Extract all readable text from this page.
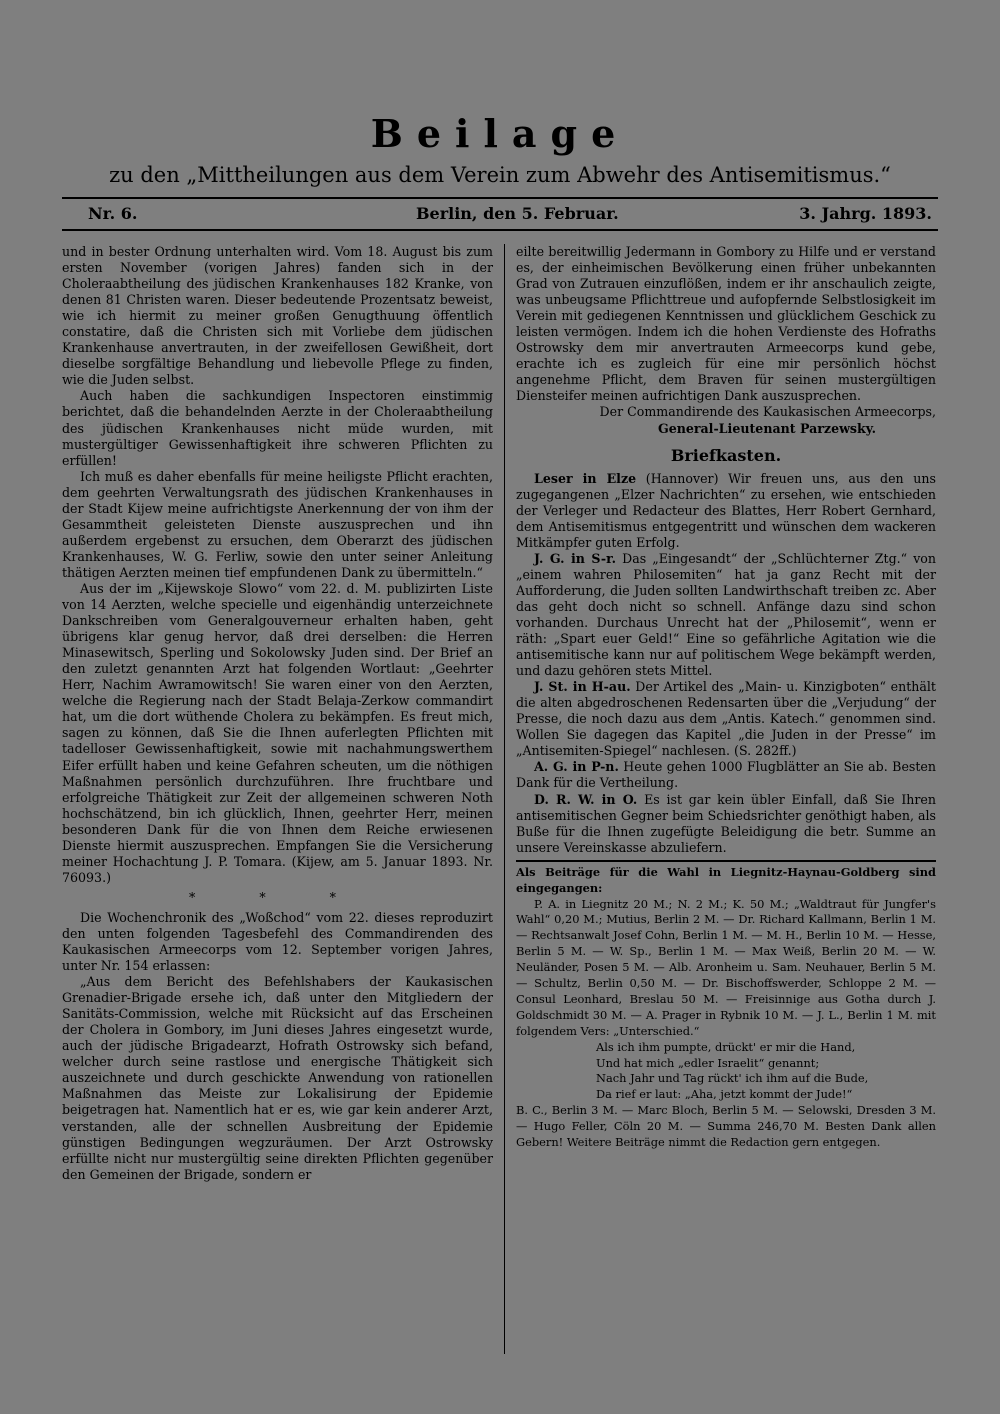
Beilage
zu den „Mittheilungen aus dem Verein zum Abwehr des Antisemitismus.“
Nr. 6.	Berlin, den 5. Februar.	3. Jahrg. 1893.

und in bester Ordnung unterhalten wird. Vom 18. August bis zum ersten November (vorigen Jahres) fanden sich in der Choleraabtheilung des jüdischen Krankenhauses 182 Kranke, von denen 81 Christen waren. Dieser bedeutende Prozentsatz beweist, wie ich hiermit zu meiner großen Genugthuung öffentlich constatire, daß die Christen sich mit Vorliebe dem jüdischen Krankenhause anvertrauten, in der zweifellosen Gewißheit, dort dieselbe sorgfältige Behandlung und liebevolle Pflege zu finden, wie die Juden selbst.

Auch haben die sachkundigen Inspectoren einstimmig berichtet, daß die behandelnden Aerzte in der Choleraabtheilung des jüdischen Krankenhauses nicht müde wurden, mit mustergültiger Gewissenhaftigkeit ihre schweren Pflichten zu erfüllen!

Ich muß es daher ebenfalls für meine heiligste Pflicht erachten, dem geehrten Verwaltungsrath des jüdischen Krankenhauses in der Stadt Kijew meine aufrichtigste Anerkennung der von ihm der Gesammtheit geleisteten Dienste auszusprechen und ihn außerdem ergebenst zu ersuchen, dem Oberarzt des jüdischen Krankenhauses, W. G. Ferliw, sowie den unter seiner Anleitung thätigen Aerzten meinen tief empfundenen Dank zu übermitteln.“

Aus der im „Kijewskoje Slowo“ vom 22. d. M. publizirten Liste von 14 Aerzten, welche specielle und eigenhändig unterzeichnete Dankschreiben vom Generalgouverneur erhalten haben, geht übrigens klar genug hervor, daß drei derselben: die Herren Minasewitsch, Sperling und Sokolowsky Juden sind. Der Brief an den zuletzt genannten Arzt hat folgenden Wortlaut: „Geehrter Herr, Nachim Awramowitsch! Sie waren einer von den Aerzten, welche die Regierung nach der Stadt Belaja-Zerkow commandirt hat, um die dort wüthende Cholera zu bekämpfen. Es freut mich, sagen zu können, daß Sie die Ihnen auferlegten Pflichten mit tadelloser Gewissenhaftigkeit, sowie mit nachahmungswerthem Eifer erfüllt haben und keine Gefahren scheuten, um die nöthigen Maßnahmen persönlich durchzuführen. Ihre fruchtbare und erfolgreiche Thätigkeit zur Zeit der allgemeinen schweren Noth hochschätzend, bin ich glücklich, Ihnen, geehrter Herr, meinen besonderen Dank für die von Ihnen dem Reiche erwiesenen Dienste hiermit auszusprechen. Empfangen Sie die Versicherung meiner Hochachtung J. P. Tomara. (Kijew, am 5. Januar 1893. Nr. 76093.)

* * *

Die Wochenchronik des „Woßchod“ vom 22. dieses reproduzirt den unten folgenden Tagesbefehl des Commandirenden des Kaukasischen Armeecorps vom 12. September vorigen Jahres, unter Nr. 154 erlassen:

„Aus dem Bericht des Befehlshabers der Kaukasischen Grenadier-Brigade ersehe ich, daß unter den Mitgliedern der Sanitäts-Commission, welche mit Rücksicht auf das Erscheinen der Cholera in Gombory, im Juni dieses Jahres eingesetzt wurde, auch der jüdische Brigadearzt, Hofrath Ostrowsky sich befand, welcher durch seine rastlose und energische Thätigkeit sich auszeichnete und durch geschickte Anwendung von rationellen Maßnahmen das Meiste zur Lokalisirung der Epidemie beigetragen hat. Namentlich hat er es, wie gar kein anderer Arzt, verstanden, alle der schnellen Ausbreitung der Epidemie günstigen Bedingungen wegzuräumen. Der Arzt Ostrowsky erfüllte nicht nur mustergültig seine direkten Pflichten gegenüber den Gemeinen der Brigade, sondern er

eilte bereitwillig Jedermann in Gombory zu Hilfe und er verstand es, der einheimischen Bevölkerung einen früher unbekannten Grad von Zutrauen einzuflößen, indem er ihr anschaulich zeigte, was unbeugsame Pflichttreue und aufopfernde Selbstlosigkeit im Verein mit gediegenen Kenntnissen und glücklichem Geschick zu leisten vermögen. Indem ich die hohen Verdienste des Hofraths Ostrowsky dem mir anvertrauten Armeecorps kund gebe, erachte ich es zugleich für eine mir persönlich höchst angenehme Pflicht, dem Braven für seinen mustergültigen Diensteifer meinen aufrichtigen Dank auszusprechen.

Der Commandirende des Kaukasischen Armeecorps,

General-Lieutenant Parzewsky.

Briefkasten.

Leser in Elze (Hannover) Wir freuen uns, aus den uns zugegangenen „Elzer Nachrichten“ zu ersehen, wie entschieden der Verleger und Redacteur des Blattes, Herr Robert Gernhard, dem Antisemitismus entgegentritt und wünschen dem wackeren Mitkämpfer guten Erfolg.

J. G. in S-r. Das „Eingesandt“ der „Schlüchterner Ztg.“ von „einem wahren Philosemiten“ hat ja ganz Recht mit der Aufforderung, die Juden sollten Landwirthschaft treiben zc. Aber das geht doch nicht so schnell. Anfänge dazu sind schon vorhanden. Durchaus Unrecht hat der „Philosemit“, wenn er räth: „Spart euer Geld!“ Eine so gefährliche Agitation wie die antisemitische kann nur auf politischem Wege bekämpft werden, und dazu gehören stets Mittel.

J. St. in H-au. Der Artikel des „Main- u. Kinzigboten“ enthält die alten abgedroschenen Redensarten über die „Verjudung“ der Presse, die noch dazu aus dem „Antis. Katech.“ genommen sind. Wollen Sie dagegen das Kapitel „die Juden in der Presse“ im „Antisemiten-Spiegel“ nachlesen. (S. 282ff.)

A. G. in P-n. Heute gehen 1000 Flugblätter an Sie ab. Besten Dank für die Vertheilung.

D. R. W. in O. Es ist gar kein übler Einfall, daß Sie Ihren antisemitischen Gegner beim Schiedsrichter genöthigt haben, als Buße für die Ihnen zugefügte Beleidigung die betr. Summe an unsere Vereinskasse abzuliefern.

Als Beiträge für die Wahl in Liegnitz-Haynau-Goldberg sind eingegangen:

P. A. in Liegnitz 20 M.; N. 2 M.; K. 50 M.; „Waldtraut für Jungfer's Wahl“ 0,20 M.; Mutius, Berlin 2 M. — Dr. Richard Kallmann, Berlin 1 M. — Rechtsanwalt Josef Cohn, Berlin 1 M. — M. H., Berlin 10 M. — Hesse, Berlin 5 M. — W. Sp., Berlin 1 M. — Max Weiß, Berlin 20 M. — W. Neuländer, Posen 5 M. — Alb. Aronheim u. Sam. Neuhauer, Berlin 5 M. — Schultz, Berlin 0,50 M. — Dr. Bischoffswerder, Schloppe 2 M. — Consul Leonhard, Breslau 50 M. — Freisinnige aus Gotha durch J. Goldschmidt 30 M. — A. Prager in Rybnik 10 M. — J. L., Berlin 1 M. mit folgendem Vers: „Unterschied.“

Als ich ihm pumpte, drückt' er mir die Hand,
Und hat mich „edler Israelit“ genannt;
Nach Jahr und Tag rückt' ich ihm auf die Bude,
Da rief er laut: „Aha, jetzt kommt der Jude!“

B. C., Berlin 3 M. — Marc Bloch, Berlin 5 M. — Selowski, Dresden 3 M. — Hugo Feller, Cöln 20 M. — Summa 246,70 M. Besten Dank allen Gebern! Weitere Beiträge nimmt die Redaction gern entgegen.
